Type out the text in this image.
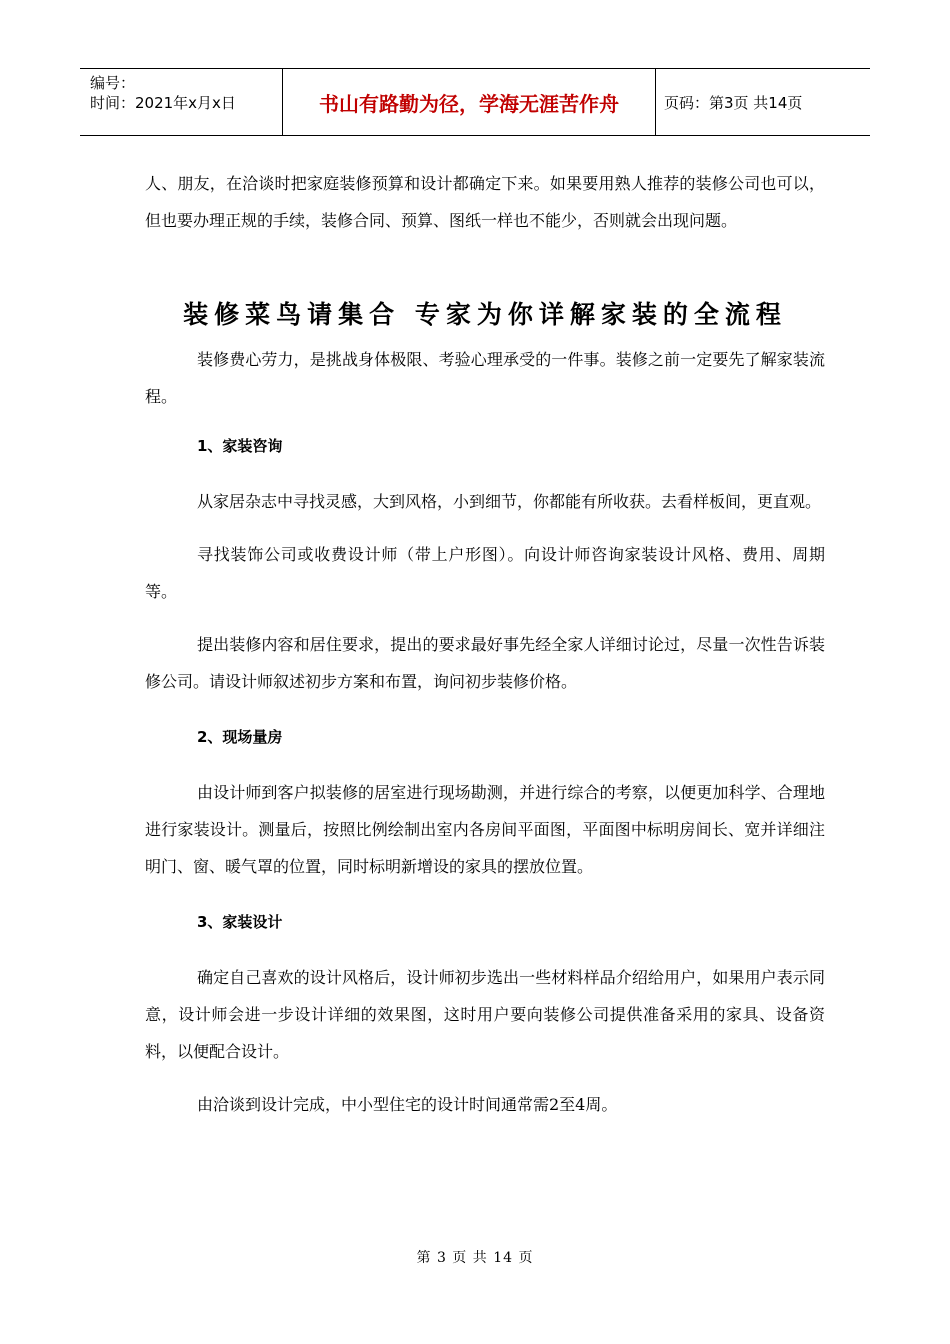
编号：
时间：2021年x月x日	书山有路勤为径，学海无涯苦作舟	页码：第3页 共14页

人、朋友，在洽谈时把家庭装修预算和设计都确定下来。如果要用熟人推荐的装修公司也可以，但也要办理正规的手续，装修合同、预算、图纸一样也不能少，否则就会出现问题。

装修菜鸟请集合 专家为你详解家装的全流程

装修费心劳力，是挑战身体极限、考验心理承受的一件事。装修之前一定要先了解家装流程。

1、家装咨询

从家居杂志中寻找灵感，大到风格，小到细节，你都能有所收获。去看样板间，更直观。

寻找装饰公司或收费设计师（带上户形图）。向设计师咨询家装设计风格、费用、周期等。

提出装修内容和居住要求，提出的要求最好事先经全家人详细讨论过，尽量一次性告诉装修公司。请设计师叙述初步方案和布置，询问初步装修价格。

2、现场量房

由设计师到客户拟装修的居室进行现场勘测，并进行综合的考察，以便更加科学、合理地进行家装设计。测量后，按照比例绘制出室内各房间平面图，平面图中标明房间长、宽并详细注明门、窗、暖气罩的位置，同时标明新增设的家具的摆放位置。

3、家装设计

确定自己喜欢的设计风格后，设计师初步选出一些材料样品介绍给用户，如果用户表示同意，设计师会进一步设计详细的效果图，这时用户要向装修公司提供准备采用的家具、设备资料，以便配合设计。

由洽谈到设计完成，中小型住宅的设计时间通常需2至4周。

第 3 页 共 14 页
